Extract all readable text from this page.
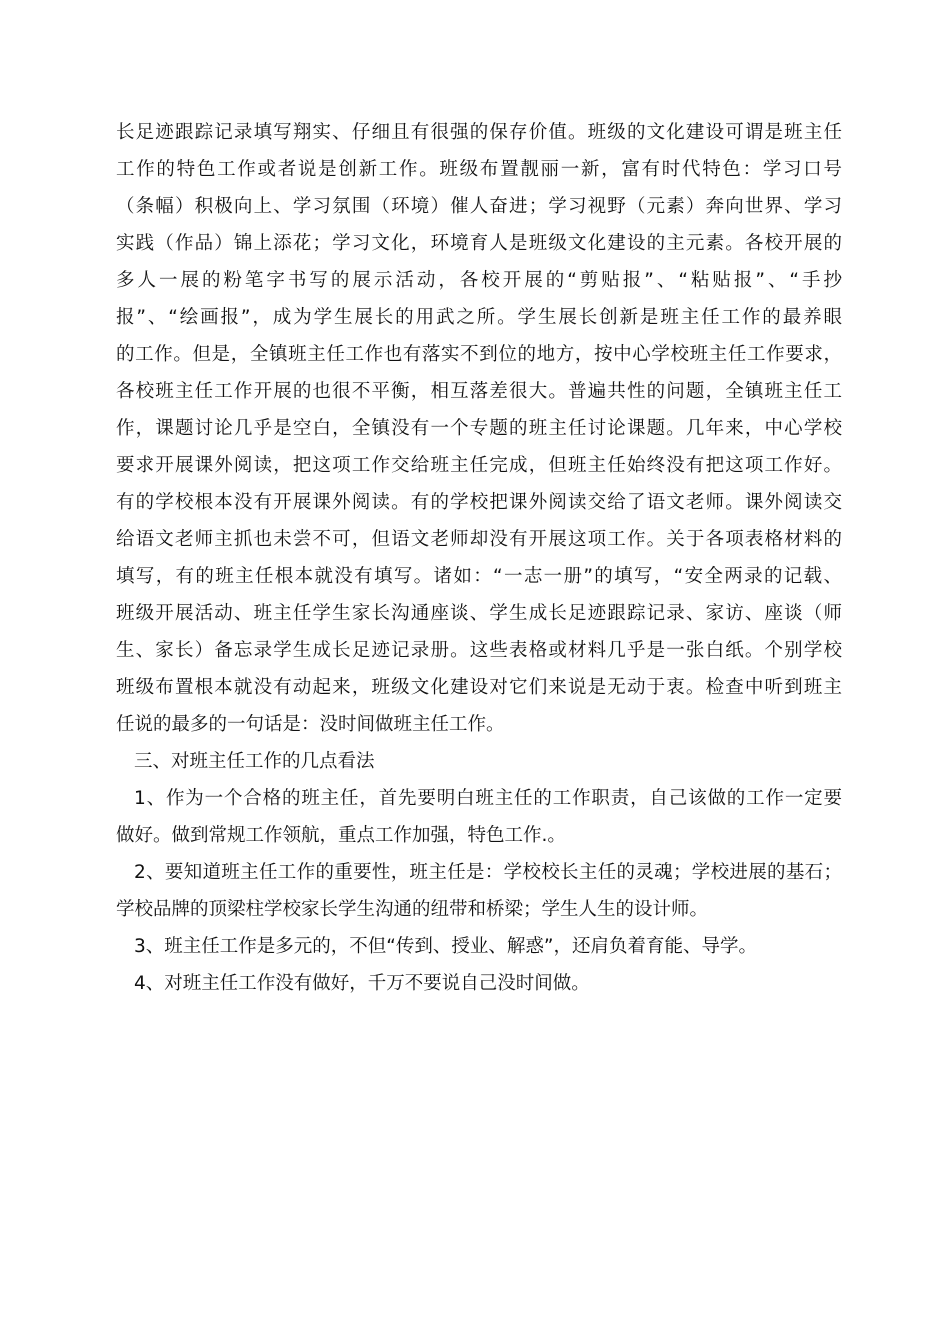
长足迹跟踪记录填写翔实、仔细且有很强的保存价值。班级的文化建设可谓是班主任
工作的特色工作或者说是创新工作。班级布置靓丽一新，富有时代特色：学习口号
（条幅）积极向上、学习氛围（环境）催人奋进；学习视野（元素）奔向世界、学习
实践（作品）锦上添花；学习文化，环境育人是班级文化建设的主元素。各校开展的
多人一展的粉笔字书写的展示活动，各校开展的“剪贴报”、“粘贴报”、“手抄
报”、“绘画报”，成为学生展长的用武之所。学生展长创新是班主任工作的最养眼
的工作。但是，全镇班主任工作也有落实不到位的地方，按中心学校班主任工作要求，
各校班主任工作开展的也很不平衡，相互落差很大。普遍共性的问题，全镇班主任工
作，课题讨论几乎是空白，全镇没有一个专题的班主任讨论课题。几年来，中心学校
要求开展课外阅读，把这项工作交给班主任完成，但班主任始终没有把这项工作好。
有的学校根本没有开展课外阅读。有的学校把课外阅读交给了语文老师。课外阅读交
给语文老师主抓也未尝不可，但语文老师却没有开展这项工作。关于各项表格材料的
填写，有的班主任根本就没有填写。诸如：“一志一册”的填写，“安全两录的记载、
班级开展活动、班主任学生家长沟通座谈、学生成长足迹跟踪记录、家访、座谈（师
生、家长）备忘录学生成长足迹记录册。这些表格或材料几乎是一张白纸。个别学校
班级布置根本就没有动起来，班级文化建设对它们来说是无动于衷。检查中听到班主
任说的最多的一句话是：没时间做班主任工作。
三、对班主任工作的几点看法
1、作为一个合格的班主任，首先要明白班主任的工作职责，自己该做的工作一定要
做好。做到常规工作领航，重点工作加强，特色工作.。
2、要知道班主任工作的重要性，班主任是：学校校长主任的灵魂；学校进展的基石；
学校品牌的顶梁柱学校家长学生沟通的纽带和桥梁；学生人生的设计师。
3、班主任工作是多元的，不但“传到、授业、解惑”，还肩负着育能、导学。
4、对班主任工作没有做好，千万不要说自己没时间做。
